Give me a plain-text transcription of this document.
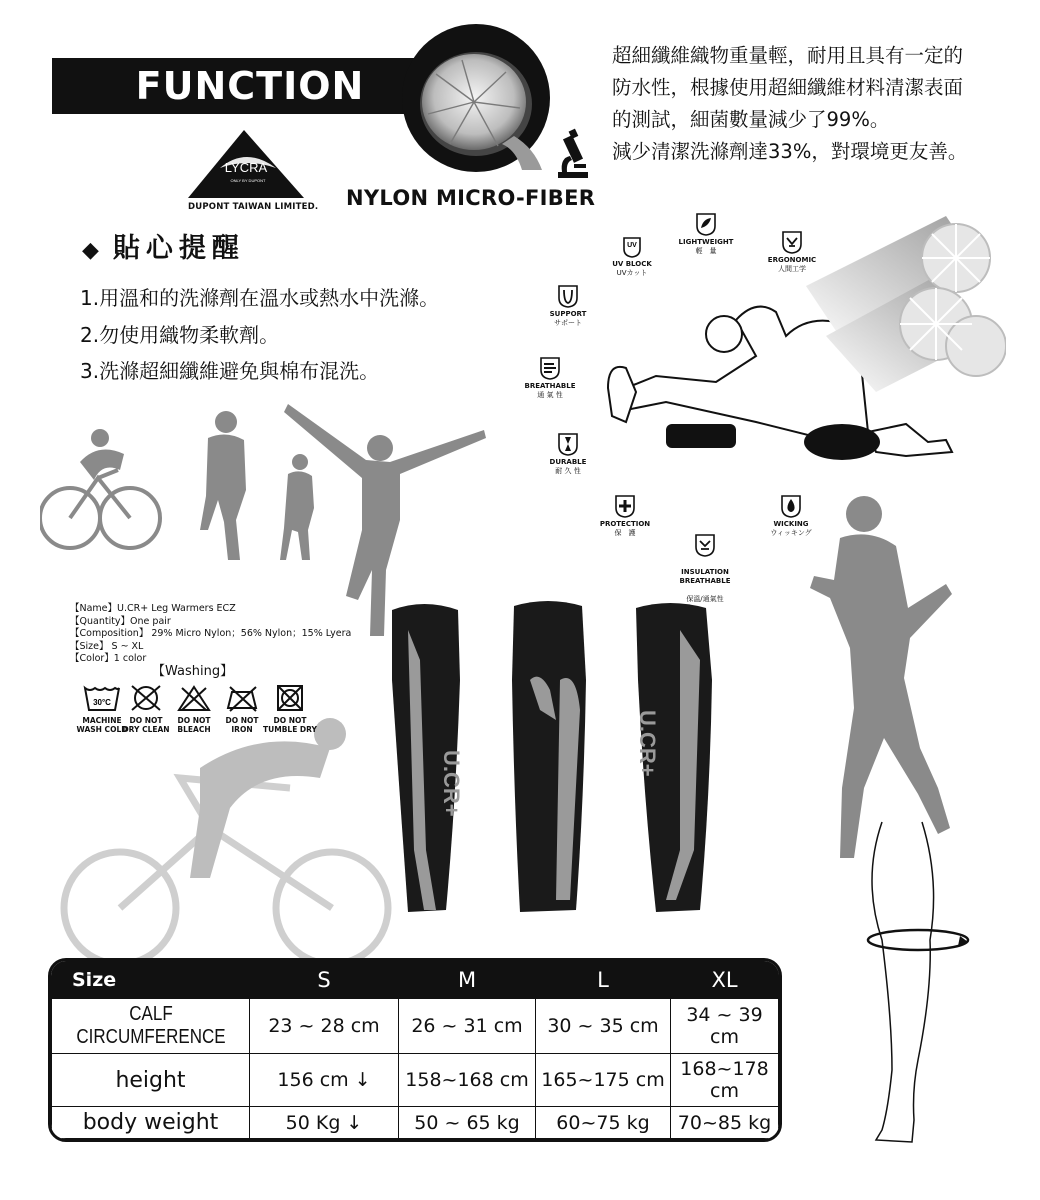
FUNCTION
超細纖維織物重量輕，耐用且具有一定的
防水性，根據使用超細纖維材料清潔表面
的測試，細菌數量減少了99%。
減少清潔洗滌劑達33%，對環境更友善。
LYCRA
ONLY BY DUPONT
DUPONT TAIWAN LIMITED. NYLON MICRO-FIBER
◆ 貼心提醒
1.用溫和的洗滌劑在溫水或熱水中洗滌。
2.勿使用織物柔軟劑。
3.洗滌超細纖維避免與棉布混洗。
UV
UV BLOCK
UVカット
LIGHTWEIGHT
輕　量
ERGONOMIC
人間工学
SUPPORT
サポート
BREATHABLE
通 氣 性
DURABLE
耐 久 性
PROTECTION
保　護

INSULATION
BREATHABLE

保溫/通氣性

WICKING
ウィッキング
【Name】U.CR+ Leg Warmers ECZ
【Quantity】One pair
【Composition】 29% Micro Nylon；56% Nylon；15% Lyera
【Size】 S ~ XL
【Color】1 color
【Washing】
30°C
MACHINE
WASH COLD
DO NOT
DRY CLEAN
DO NOT
BLEACH
DO NOT
IRON
DO NOT
TUMBLE DRY
U.CR+
U.CR+
Size	S	M	L	XL
CALF CIRCUMFERENCE	23 ~ 28 cm	26 ~ 31 cm	30 ~ 35 cm	34 ~ 39 cm
height	156 cm ↓	158~168 cm	165~175 cm	168~178 cm
body weight	50 Kg ↓	50 ~ 65 kg	60~75 kg	70~85 kg
